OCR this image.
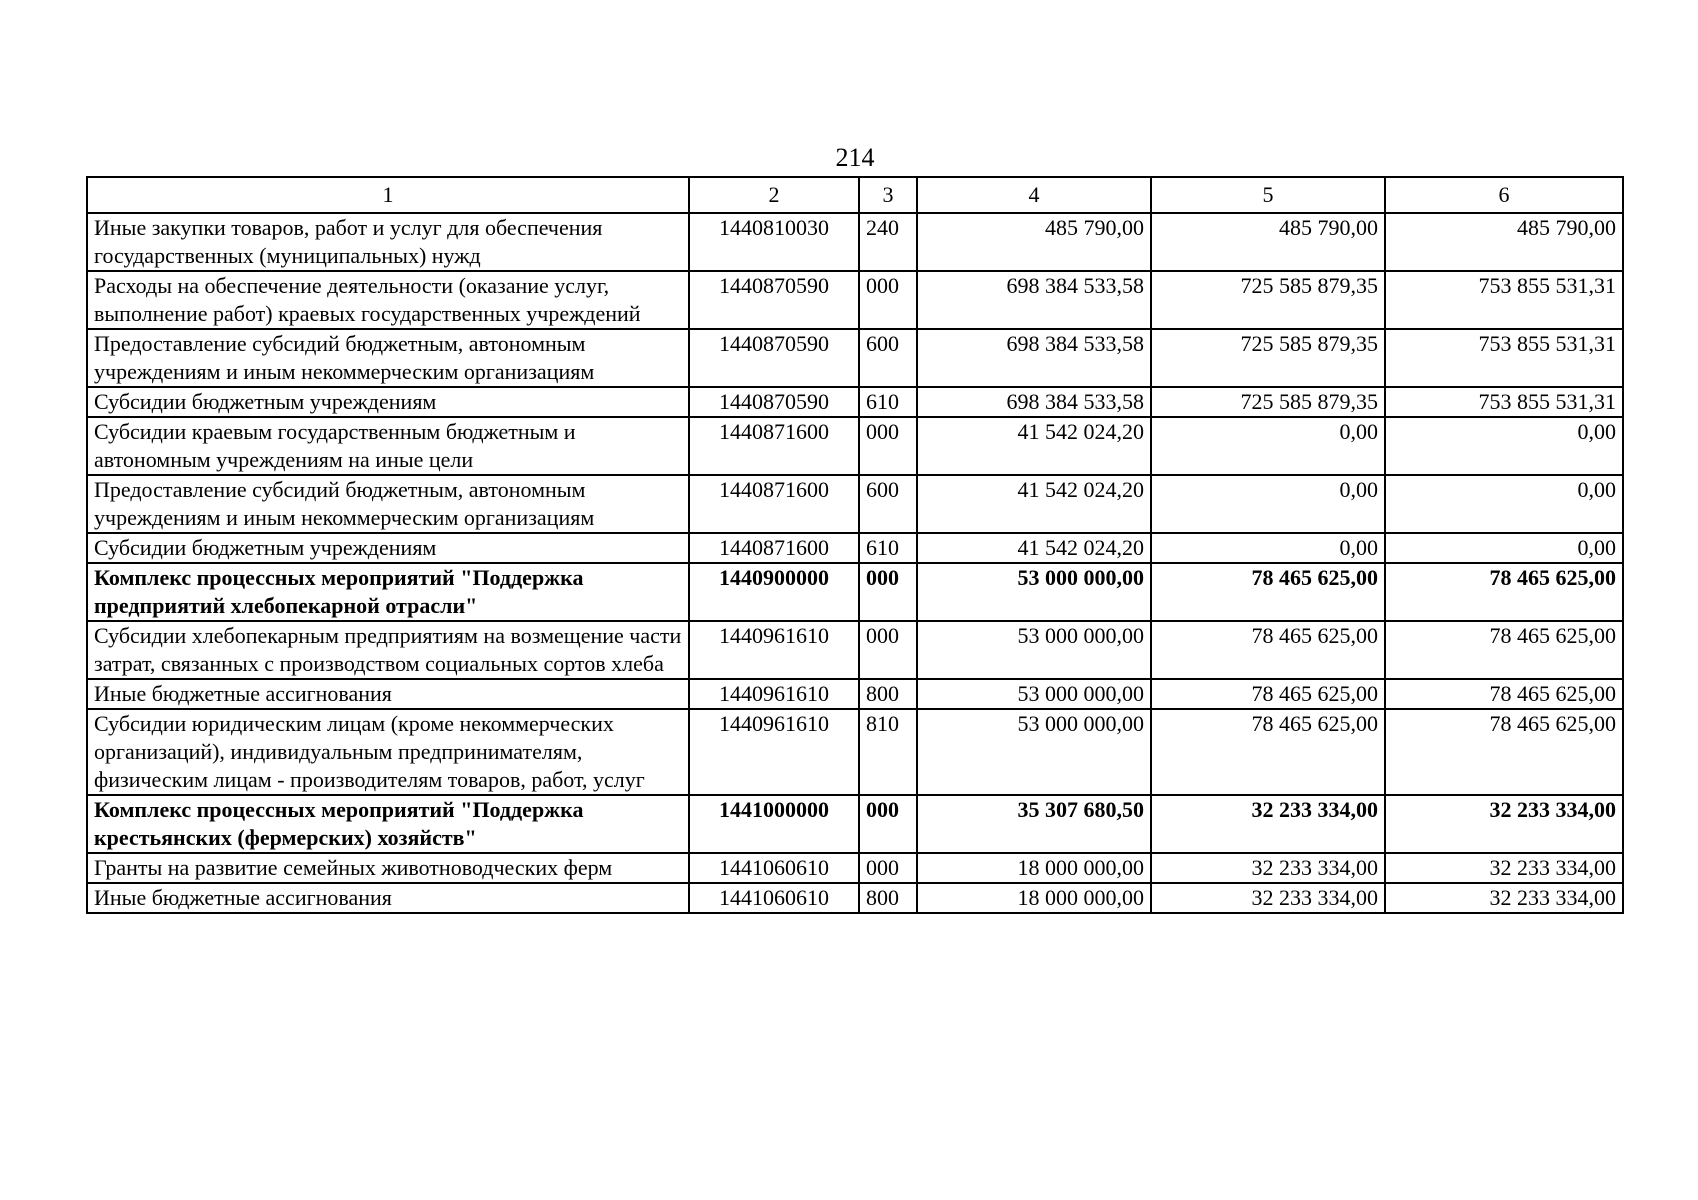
214
1	2	3	4	5	6
Иные закупки товаров, работ и услуг для обеспечения государственных (муниципальных) нужд	1440810030	240	485 790,00	485 790,00	485 790,00
Расходы на обеспечение деятельности (оказание услуг, выполнение работ) краевых государственных учреждений	1440870590	000	698 384 533,58	725 585 879,35	753 855 531,31
Предоставление субсидий бюджетным, автономным учреждениям и иным некоммерческим организациям	1440870590	600	698 384 533,58	725 585 879,35	753 855 531,31
Субсидии бюджетным учреждениям	1440870590	610	698 384 533,58	725 585 879,35	753 855 531,31
Субсидии краевым государственным бюджетным и автономным учреждениям на иные цели	1440871600	000	41 542 024,20	0,00	0,00
Предоставление субсидий бюджетным, автономным учреждениям и иным некоммерческим организациям	1440871600	600	41 542 024,20	0,00	0,00
Субсидии бюджетным учреждениям	1440871600	610	41 542 024,20	0,00	0,00
Комплекс процессных мероприятий "Поддержка предприятий хлебопекарной отрасли"	1440900000	000	53 000 000,00	78 465 625,00	78 465 625,00
Субсидии хлебопекарным предприятиям на возмещение части затрат, связанных с производством социальных сортов хлеба	1440961610	000	53 000 000,00	78 465 625,00	78 465 625,00
Иные бюджетные ассигнования	1440961610	800	53 000 000,00	78 465 625,00	78 465 625,00
Субсидии юридическим лицам (кроме некоммерческих организаций), индивидуальным предпринимателям, физическим лицам - производителям товаров, работ, услуг	1440961610	810	53 000 000,00	78 465 625,00	78 465 625,00
Комплекс процессных мероприятий "Поддержка крестьянских (фермерских) хозяйств"	1441000000	000	35 307 680,50	32 233 334,00	32 233 334,00
Гранты на развитие семейных животноводческих ферм	1441060610	000	18 000 000,00	32 233 334,00	32 233 334,00
Иные бюджетные ассигнования	1441060610	800	18 000 000,00	32 233 334,00	32 233 334,00
